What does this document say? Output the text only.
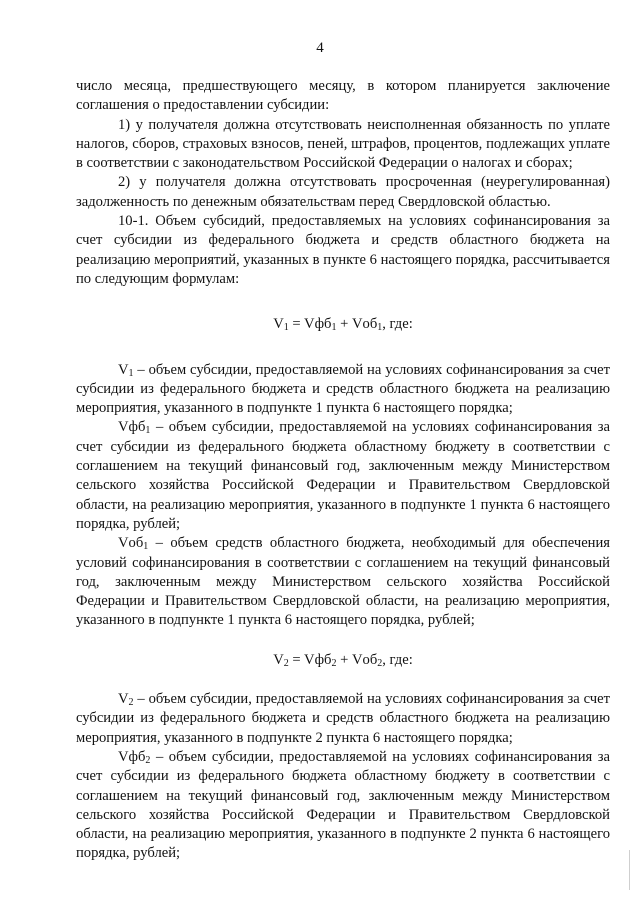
4

число месяца, предшествующего месяцу, в котором планируется заключение соглашения о предоставлении субсидии:

1) у получателя должна отсутствовать неисполненная обязанность по уплате налогов, сборов, страховых взносов, пеней, штрафов, процентов, подлежащих уплате в соответствии с законодательством Российской Федерации о налогах и сборах;

2) у получателя должна отсутствовать просроченная (неурегулированная) задолженность по денежным обязательствам перед Свердловской областью.

10-1. Объем субсидий, предоставляемых на условиях софинансирования за счет субсидии из федерального бюджета и средств областного бюджета на реализацию мероприятий, указанных в пункте 6 настоящего порядка, рассчитывается по следующим формулам:

$V_1 = Vфб_1 + Vоб_1$, где:

$V_1$ – объем субсидии, предоставляемой на условиях софинансирования за счет субсидии из федерального бюджета и средств областного бюджета на реализацию мероприятия, указанного в подпункте 1 пункта 6 настоящего порядка;

Vфб$_1$ – объем субсидии, предоставляемой на условиях софинансирования за счет субсидии из федерального бюджета областному бюджету в соответствии с соглашением на текущий финансовый год, заключенным между Министерством сельского хозяйства Российской Федерации и Правительством Свердловской области, на реализацию мероприятия, указанного в подпункте 1 пункта 6 настоящего порядка, рублей;

Vоб$_1$ – объем средств областного бюджета, необходимый для обеспечения условий софинансирования в соответствии с соглашением на текущий финансовый год, заключенным между Министерством сельского хозяйства Российской Федерации и Правительством Свердловской области, на реализацию мероприятия, указанного в подпункте 1 пункта 6 настоящего порядка, рублей;

$V_2 = Vфб_2 + Vоб_2$, где:

$V_2$ – объем субсидии, предоставляемой на условиях софинансирования за счет субсидии из федерального бюджета и средств областного бюджета на реализацию мероприятия, указанного в подпункте 2 пункта 6 настоящего порядка;

Vфб$_2$ – объем субсидии, предоставляемой на условиях софинансирования за счет субсидии из федерального бюджета областному бюджету в соответствии с соглашением на текущий финансовый год, заключенным между Министерством сельского хозяйства Российской Федерации и Правительством Свердловской области, на реализацию мероприятия, указанного в подпункте 2 пункта 6 настоящего порядка, рублей;
